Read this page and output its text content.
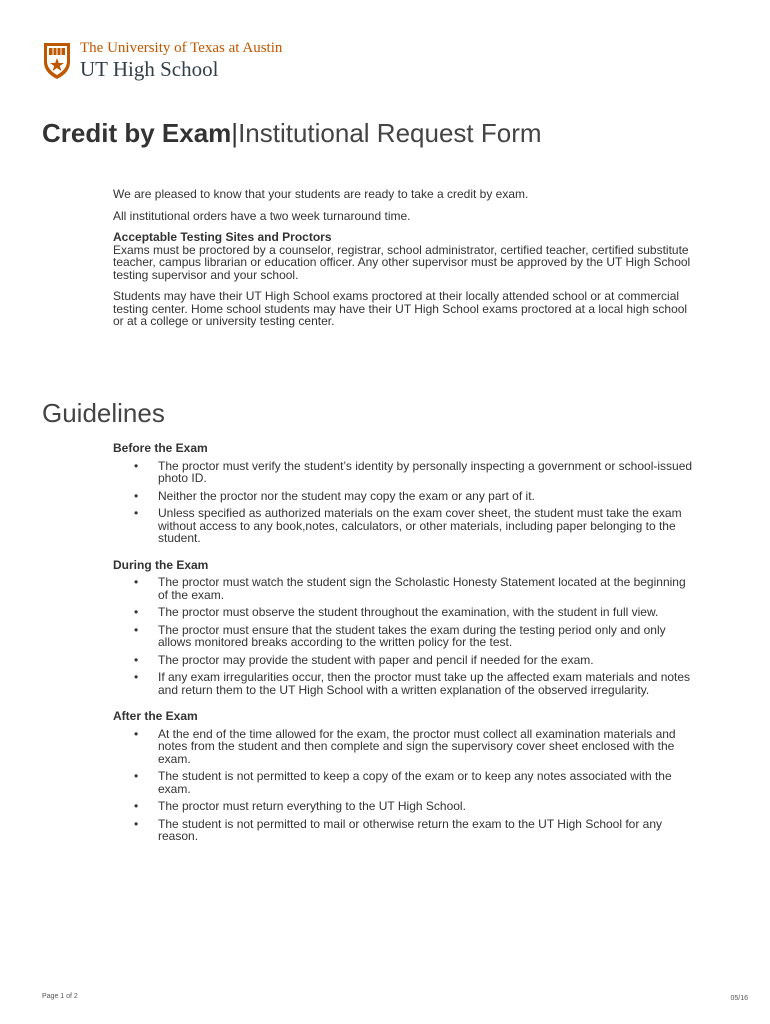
The University of Texas at Austin
UT High School
Credit by Exam|Institutional Request Form

We are pleased to know that your students are ready to take a credit by exam.

All institutional orders have a two week turnaround time.

Acceptable Testing Sites and Proctors

Exams must be proctored by a counselor, registrar, school administrator, certified teacher, certified substitute teacher, campus librarian or education officer. Any other supervisor must be approved by the UT High School testing supervisor and your school.

Students may have their UT High School exams proctored at their locally attended school or at commercial testing center. Home school students may have their UT High School exams proctored at a local high school or at a college or university testing center.

Guidelines
Before the Exam
• The proctor must verify the student’s identity by personally inspecting a government or school-issued photo ID.
• Neither the proctor nor the student may copy the exam or any part of it.
• Unless specified as authorized materials on the exam cover sheet, the student must take the exam without access to any book,notes, calculators, or other materials, including paper belonging to the student.
During the Exam
• The proctor must watch the student sign the Scholastic Honesty Statement located at the beginning of the exam.
• The proctor must observe the student throughout the examination, with the student in full view.
• The proctor must ensure that the student takes the exam during the testing period only and only allows monitored breaks according to the written policy for the test.
• The proctor may provide the student with paper and pencil if needed for the exam.
• If any exam irregularities occur, then the proctor must take up the affected exam materials and notes and return them to the UT High School with a written explanation of the observed irregularity.
After the Exam
• At the end of the time allowed for the exam, the proctor must collect all examination materials and notes from the student and then complete and sign the supervisory cover sheet enclosed with the exam.
• The student is not permitted to keep a copy of the exam or to keep any notes associated with the exam.
• The proctor must return everything to the UT High School.
• The student is not permitted to mail or otherwise return the exam to the UT High School for any reason.
Page 1 of 2	05/16
